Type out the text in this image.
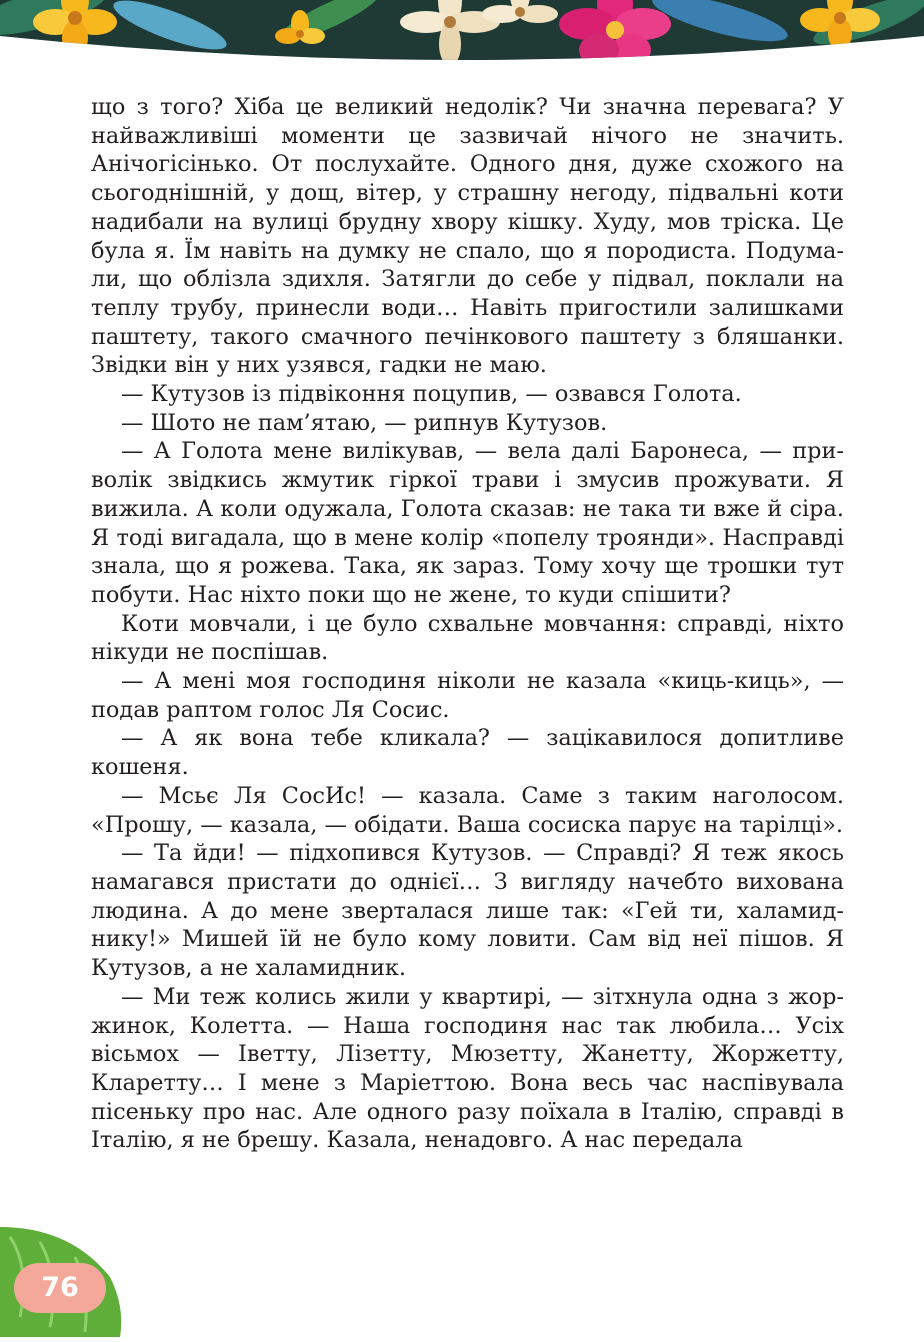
що з того? Хіба це великий недолік? Чи значна перевага? У найважливіші моменти це зазвичай нічого не значить. Анічогісінько. От послухайте. Одного дня, дуже схожого на сьогоднішній, у дощ, вітер, у страшну негоду, підвальні коти надибали на вулиці брудну хвору кішку. Худу, мов тріска. Це була я. Їм навіть на думку не спало, що я породиста. Подумали, що облізла здихля. Затягли до себе у підвал, поклали на теплу трубу, принесли води… Навіть пригостили залишками паштету, такого смачного печінкового паштету з бляшанки. Звідки він у них узявся, гадки не маю.

— Кутузов із підвіконня поцупив, — озвався Голота.

— Шото не пам’ятаю, — рипнув Кутузов.

— А Голота мене вилікував, — вела далі Баронеса, — приволік звідкись жмутик гіркої трави і змусив прожувати. Я вижила. А коли одужала, Голота сказав: не така ти вже й сіра. Я тоді вигадала, що в мене колір «попелу троянди». Насправді знала, що я рожева. Така, як зараз. Тому хочу ще трошки тут побути. Нас ніхто поки що не жене, то куди спішити?

Коти мовчали, і це було схвальне мовчання: справді, ніхто нікуди не поспішав.

— А мені моя господиня ніколи не казала «киць-киць», — подав раптом голос Ля Сосис.

— А як вона тебе кликала? — зацікавилося допитливе кошеня.

— Мсьє Ля СосИс! — казала. Саме з таким наголосом. «Прошу, — казала, — обідати. Ваша сосиска парує на тарілці».

— Та йди! — підхопився Кутузов. — Справді? Я теж якось намагався пристати до однієї… З вигляду начебто вихована людина. А до мене зверталася лише так: «Гей ти, халамиднику!» Мишей їй не було кому ловити. Сам від неї пішов. Я Кутузов, а не халамидник.

— Ми теж колись жили у квартирі, — зітхнула одна з жоржинок, Колетта. — Наша господиня нас так любила… Усіх вісьмох — Іветту, Лізетту, Мюзетту, Жанетту, Жоржетту, Кларетту… І мене з Маріеттою. Вона весь час наспівувала пісеньку про нас. Але одного разу поїхала в Італію, справді в Італію, я не брешу. Казала, ненадовго. А нас передала

76
